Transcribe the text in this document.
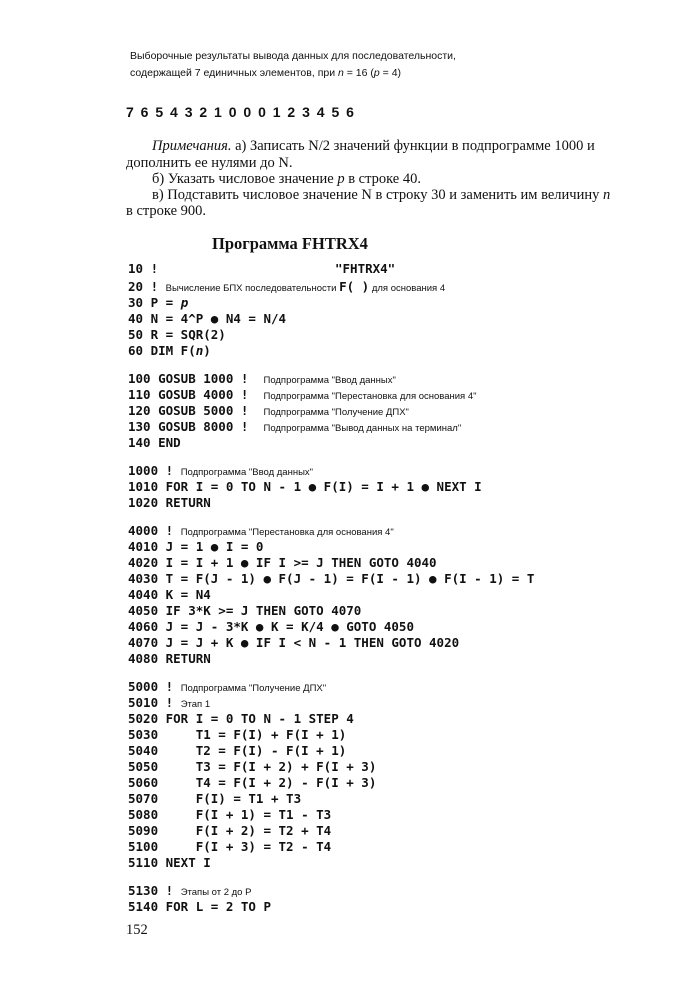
Выборочные результаты вывода данных для последовательности,
содержащей 7 единичных элементов, при n = 16 (p = 4)
7 6 5 4 3 2 1 0 0 0 1 2 3 4 5 6
Примечания. а) Записать N/2 значений функции в подпрограмме 1000 и
дополнить ее нулями до N.
б) Указать числовое значение p в строке 40.
в) Подставить числовое значение N в строку 30 и заменить им величину n
в строке 900.
Программа FHTRX4
10 !	"FHTRX4"
20 ! Вычисление БПХ последовательности F( ) для основания 4
30 P = p
40 N = 4^P ● N4 = N/4
50 R = SQR(2)
60 DIM F(n)
100 GOSUB 1000 ! Подпрограмма "Ввод данных"
110 GOSUB 4000 ! Подпрограмма "Перестановка для основания 4"
120 GOSUB 5000 ! Подпрограмма "Получение ДПХ"
130 GOSUB 8000 ! Подпрограмма "Вывод данных на терминал"
140 END
1000 ! Подпрограмма "Ввод данных"
1010 FOR I = 0 TO N - 1 ● F(I) = I + 1 ● NEXT I
1020 RETURN
4000 ! Подпрограмма "Перестановка для основания 4"
4010 J = 1 ● I = 0
4020 I = I + 1 ● IF I >= J THEN GOTO 4040
4030 T = F(J - 1) ● F(J - 1) = F(I - 1) ● F(I - 1) = T
4040 K = N4
4050 IF 3*K >= J THEN GOTO 4070
4060 J = J - 3*K ● K = K/4 ● GOTO 4050
4070 J = J + K ● IF I < N - 1 THEN GOTO 4020
4080 RETURN
5000 ! Подпрограмма "Получение ДПХ"
5010 ! Этап 1
5020 FOR I = 0 TO N - 1 STEP 4
5030     T1 = F(I) + F(I + 1)
5040     T2 = F(I) - F(I + 1)
5050     T3 = F(I + 2) + F(I + 3)
5060     T4 = F(I + 2) - F(I + 3)
5070     F(I) = T1 + T3
5080     F(I + 1) = T1 - T3
5090     F(I + 2) = T2 + T4
5100     F(I + 3) = T2 - T4
5110 NEXT I
5130 ! Этапы от 2 до P
5140 FOR L = 2 TO P
152
